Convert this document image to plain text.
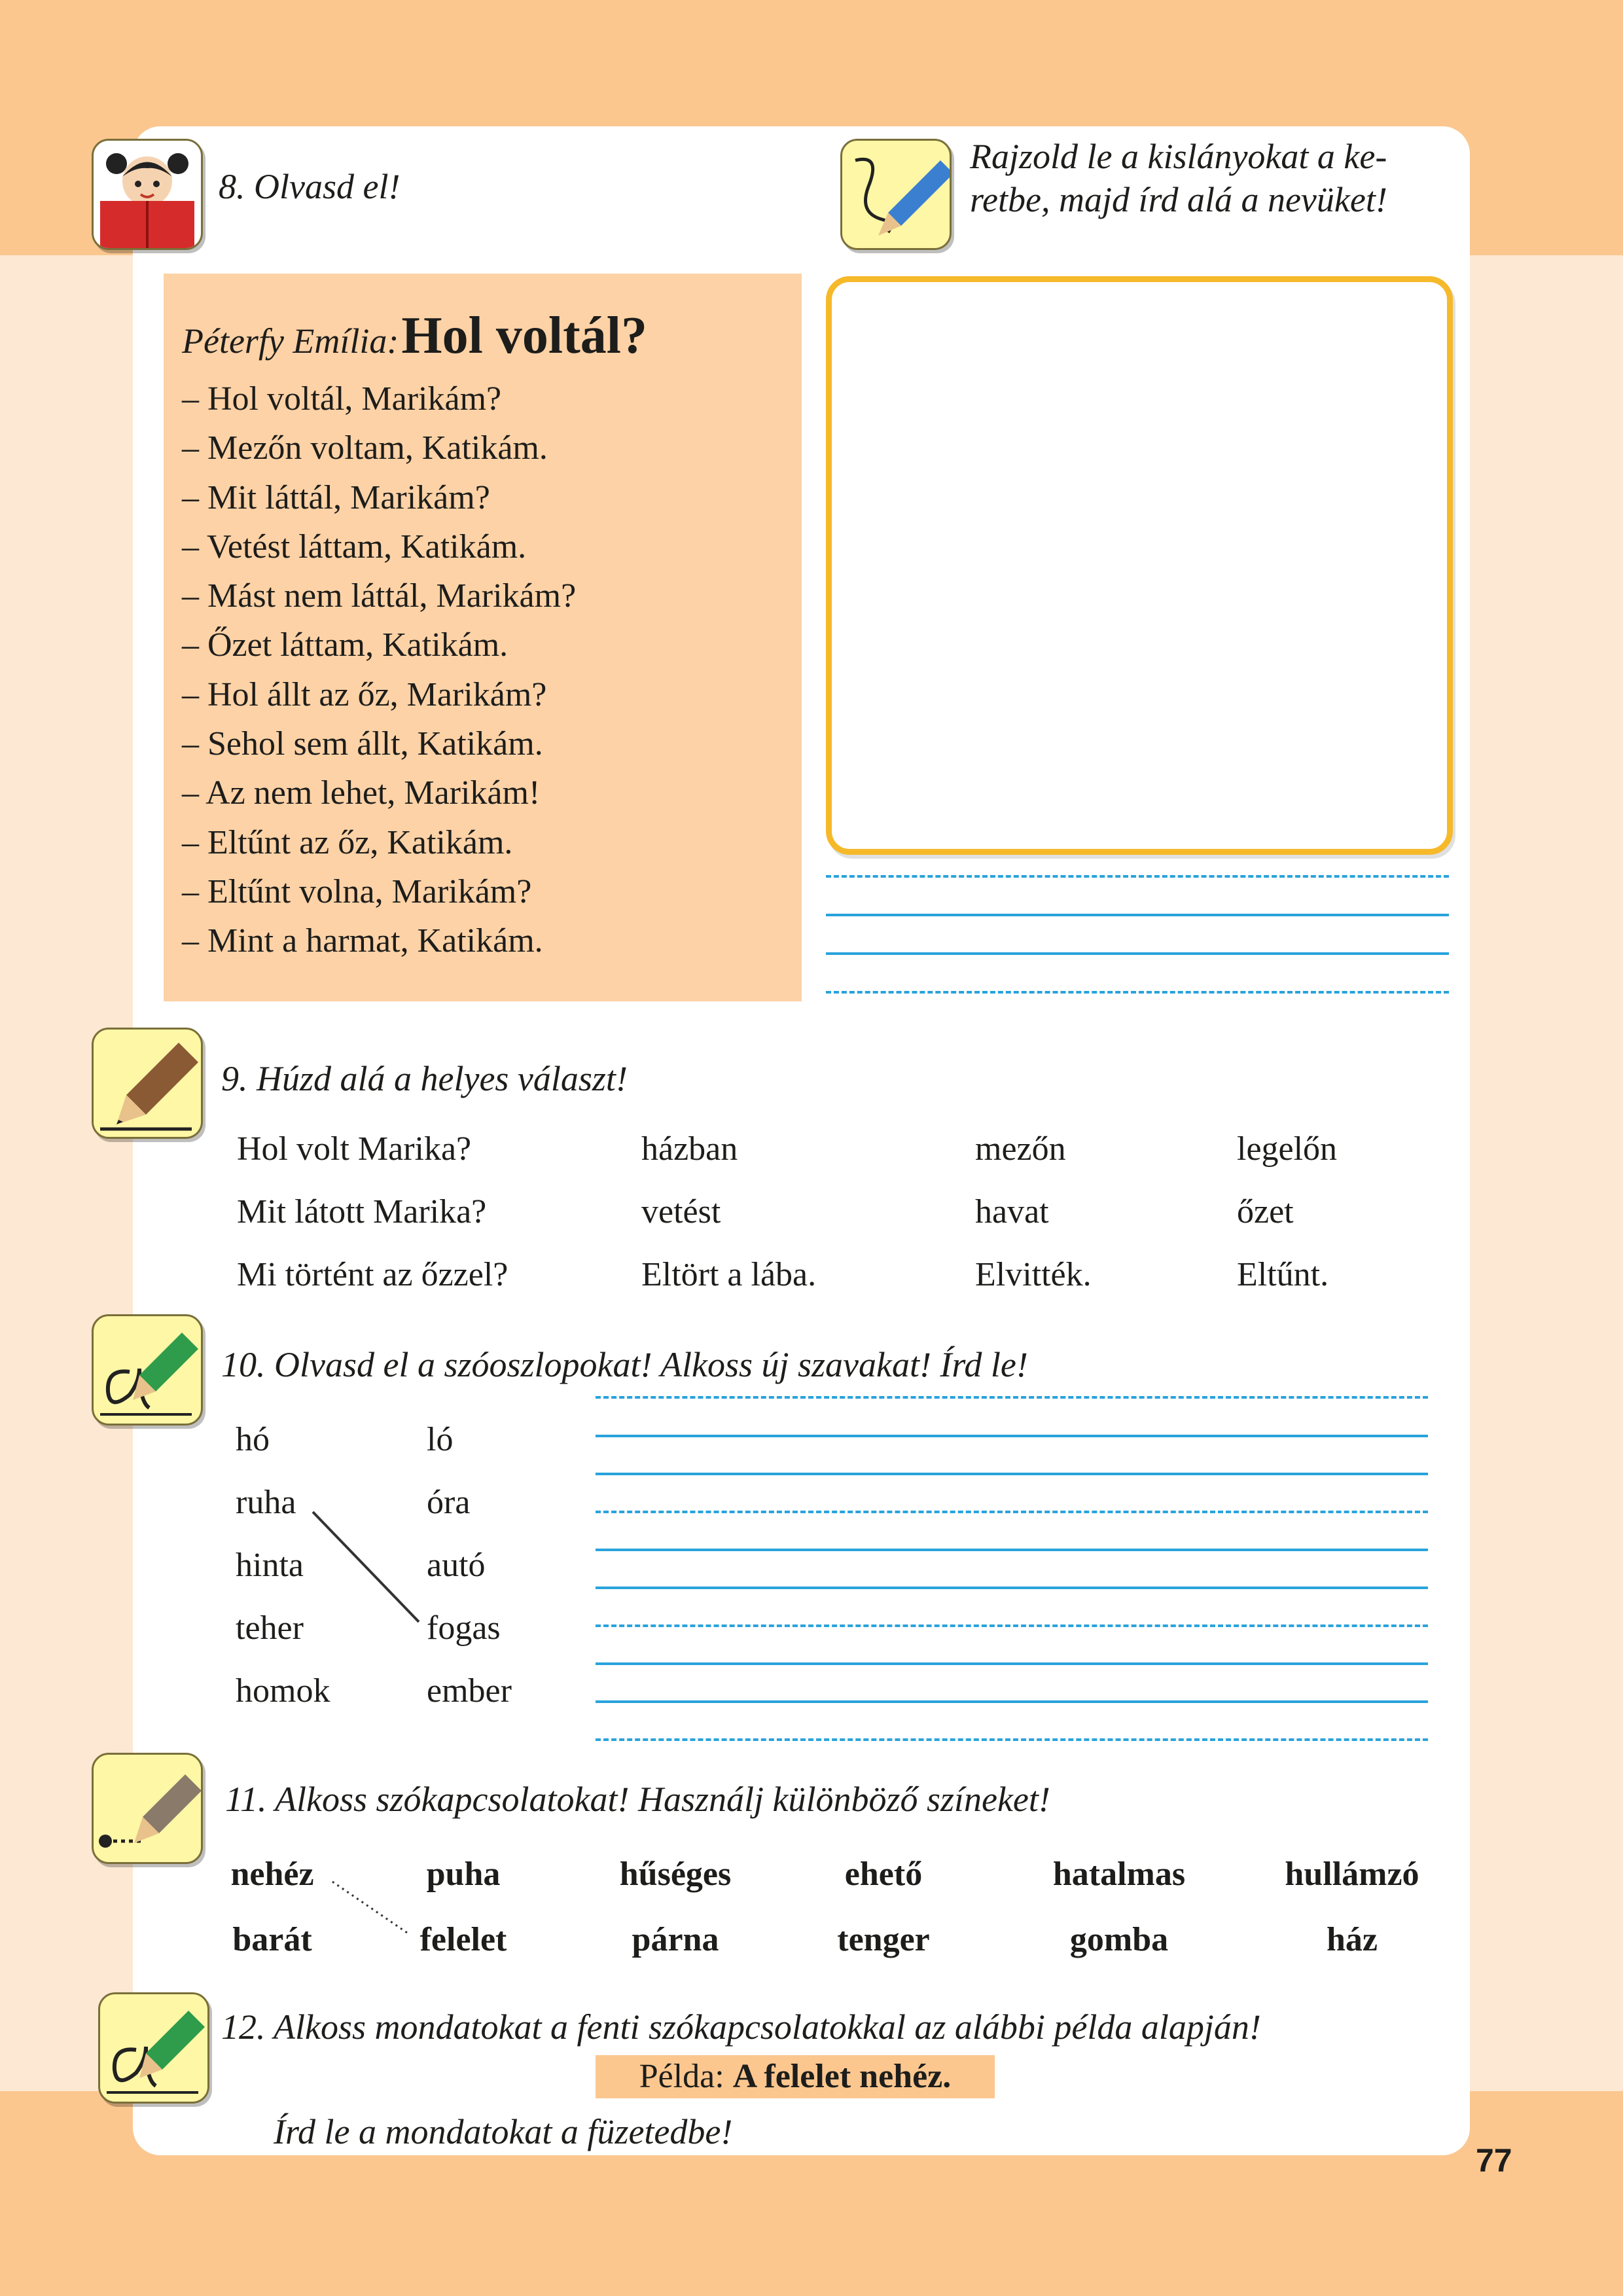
8. Olvasd el!
Rajzold le a kislányokat a ke-
retbe, majd írd alá a nevüket!
Péterfy Emília: Hol voltál?
– Hol voltál, Marikám?
– Mezőn voltam, Katikám.
– Mit láttál, Marikám?
– Vetést láttam, Katikám.
– Mást nem láttál, Marikám?
– Őzet láttam, Katikám.
– Hol állt az őz, Marikám?
– Sehol sem állt, Katikám.
– Az nem lehet, Marikám!
– Eltűnt az őz, Katikám.
– Eltűnt volna, Marikám?
– Mint a harmat, Katikám.
9. Húzd alá a helyes választ!
Hol volt Marika?	házban	mezőn	legelőn
Mit látott Marika?	vetést	havat	őzet
Mi történt az őzzel?	Eltört a lába.	Elvitték.	Eltűnt.
10. Olvasd el a szóoszlopokat! Alkoss új szavakat! Írd le!
hó
ruha
hinta
teher
homok
ló
óra
autó
fogas
ember
11. Alkoss szókapcsolatokat! Használj különböző színeket!
nehéz	puha	hűséges	ehető	hatalmas	hullámzó
barát	felelet	párna	tenger	gomba	ház
12. Alkoss mondatokat a fenti szókapcsolatokkal az alábbi példa alapján!
Példa: A felelet nehéz.
Írd le a mondatokat a füzetedbe!
77
